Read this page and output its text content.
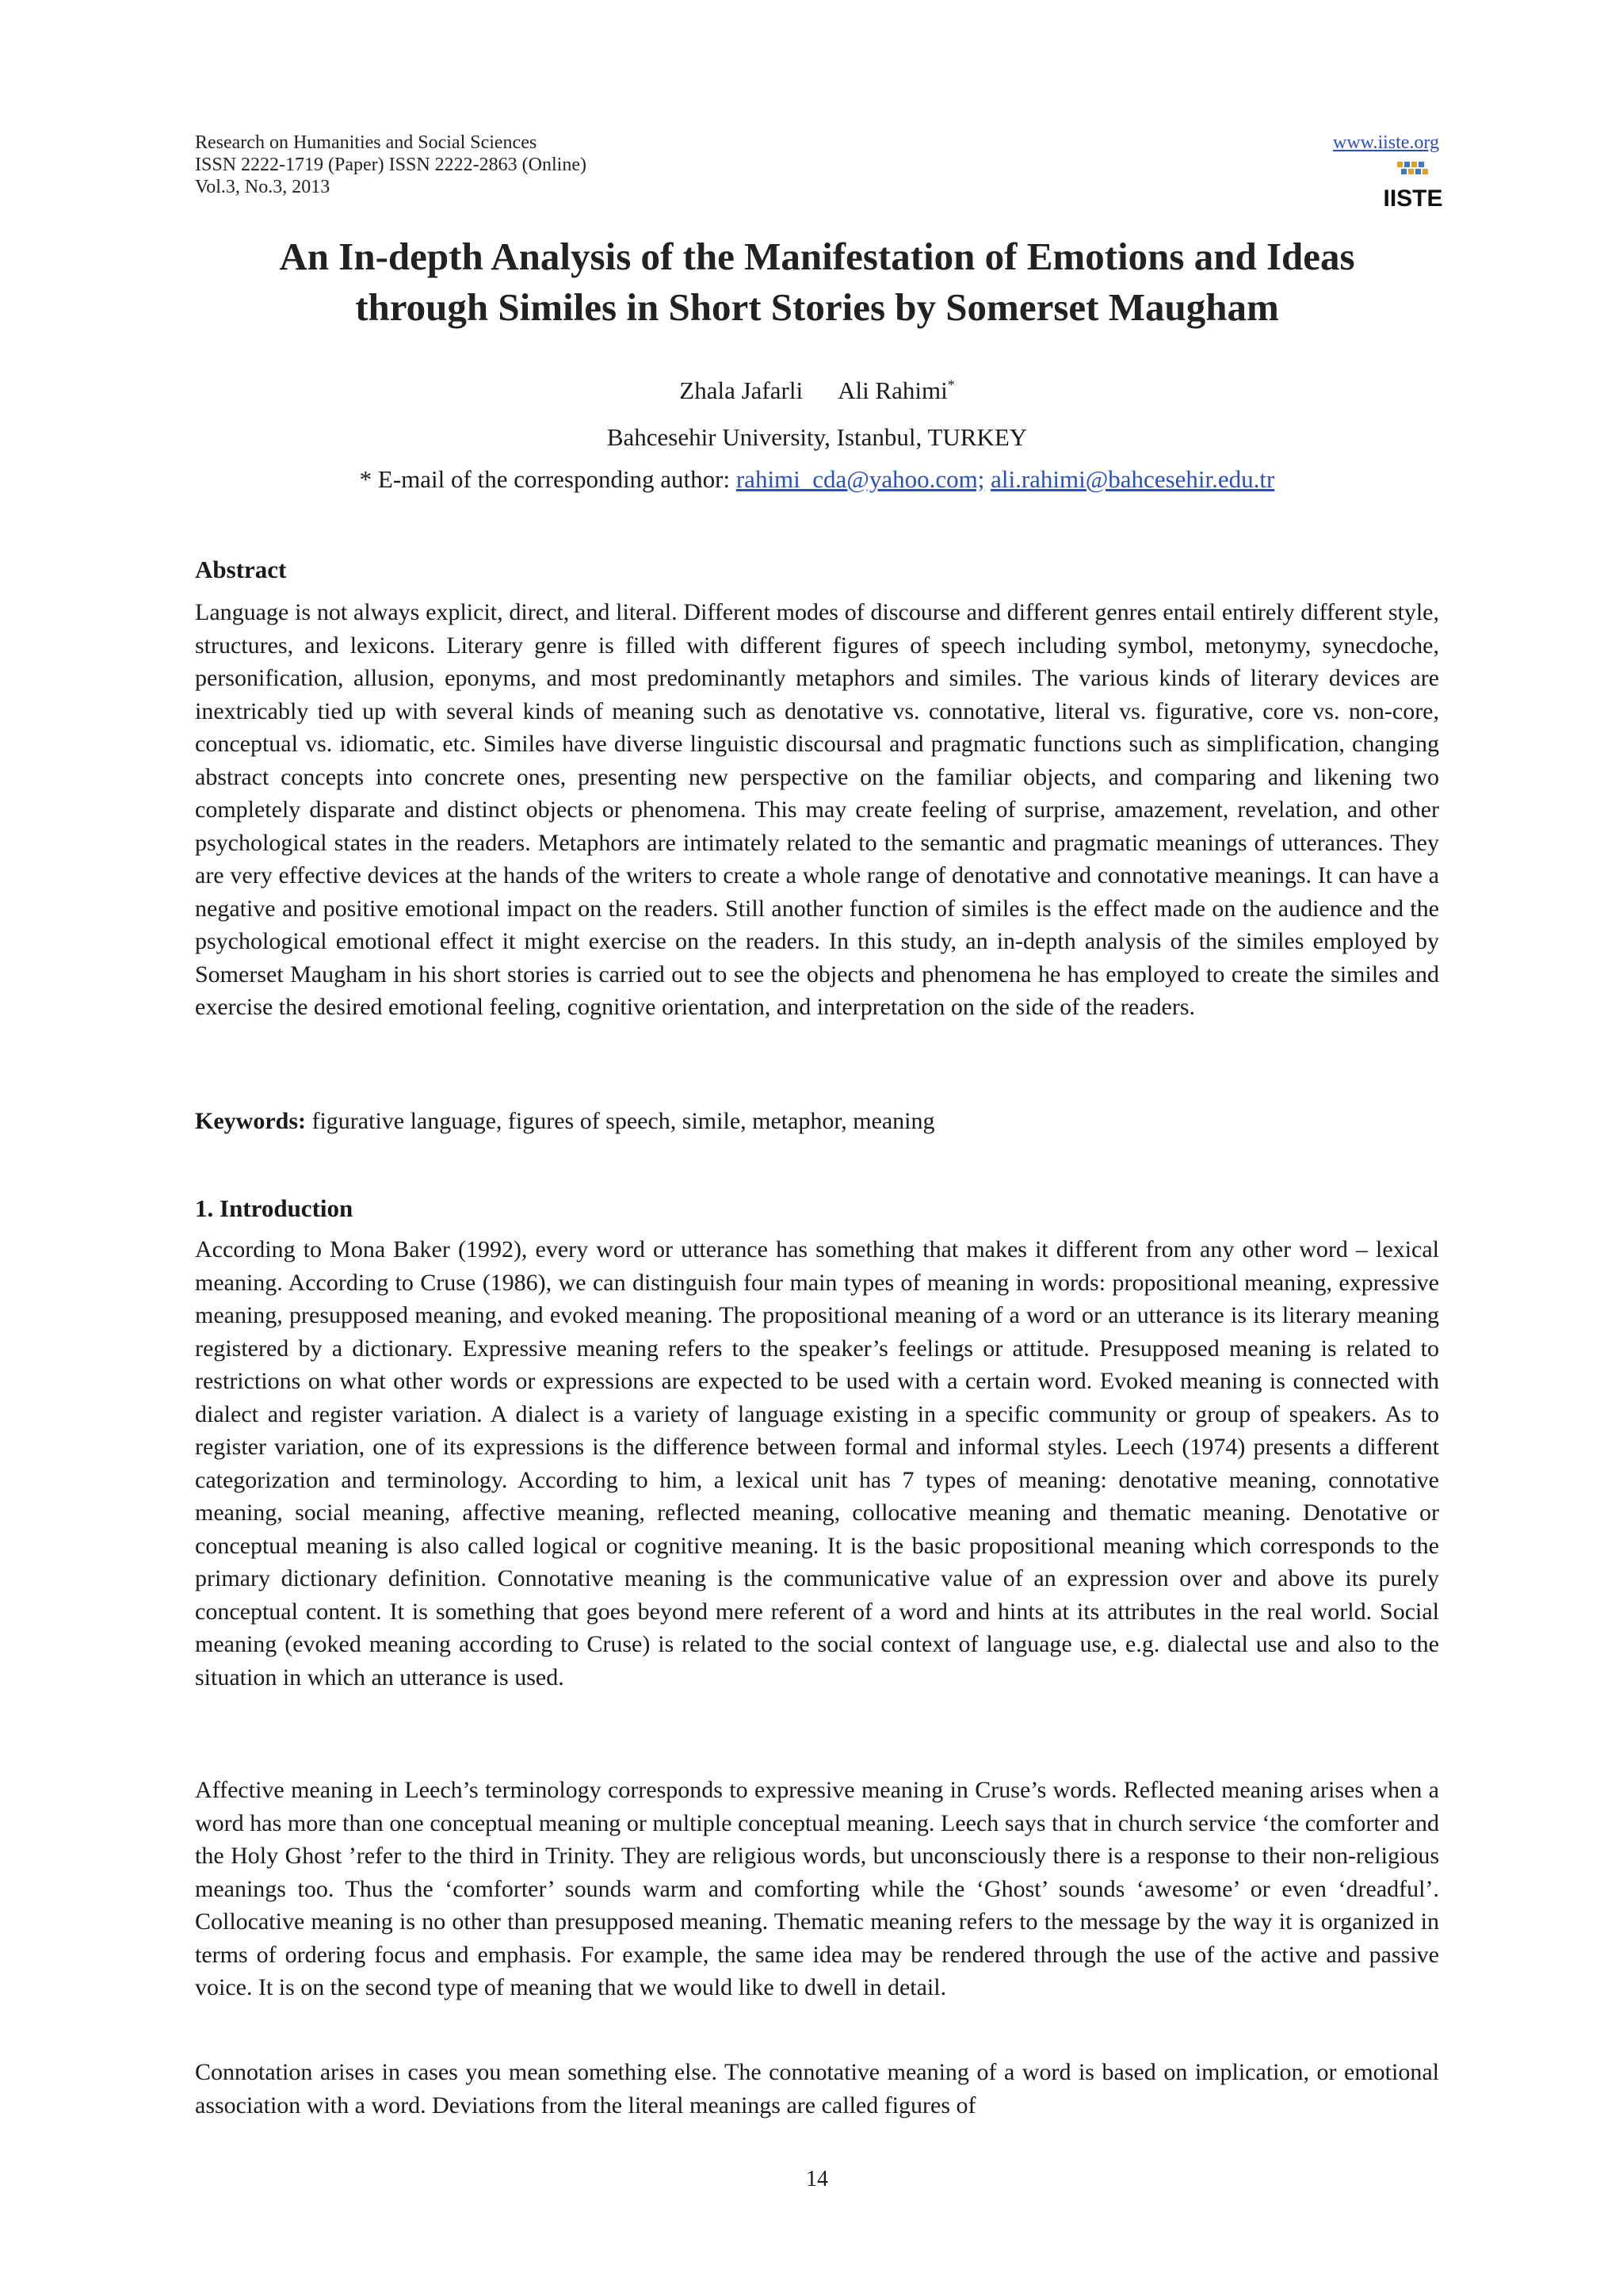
Research on Humanities and Social Sciences
ISSN 2222-1719 (Paper) ISSN 2222-2863 (Online)
Vol.3, No.3, 2013
www.iiste.org
IISTE
An In-depth Analysis of the Manifestation of Emotions and Ideas
through Similes in Short Stories by Somerset Maugham
Zhala Jafarli Ali Rahimi*
Bahcesehir University, Istanbul, TURKEY
* E-mail of the corresponding author: rahimi_cda@yahoo.com; ali.rahimi@bahcesehir.edu.tr
Abstract
Language is not always explicit, direct, and literal. Different modes of discourse and different genres entail entirely different style, structures, and lexicons. Literary genre is filled with different figures of speech including symbol, metonymy, synecdoche, personification, allusion, eponyms, and most predominantly metaphors and similes. The various kinds of literary devices are inextricably tied up with several kinds of meaning such as denotative vs. connotative, literal vs. figurative, core vs. non-core, conceptual vs. idiomatic, etc. Similes have diverse linguistic discoursal and pragmatic functions such as simplification, changing abstract concepts into concrete ones, presenting new perspective on the familiar objects, and comparing and likening two completely disparate and distinct objects or phenomena. This may create feeling of surprise, amazement, revelation, and other psychological states in the readers. Metaphors are intimately related to the semantic and pragmatic meanings of utterances. They are very effective devices at the hands of the writers to create a whole range of denotative and connotative meanings. It can have a negative and positive emotional impact on the readers. Still another function of similes is the effect made on the audience and the psychological emotional effect it might exercise on the readers. In this study, an in-depth analysis of the similes employed by Somerset Maugham in his short stories is carried out to see the objects and phenomena he has employed to create the similes and exercise the desired emotional feeling, cognitive orientation, and interpretation on the side of the readers.
Keywords: figurative language, figures of speech, simile, metaphor, meaning
1. Introduction
According to Mona Baker (1992), every word or utterance has something that makes it different from any other word – lexical meaning. According to Cruse (1986), we can distinguish four main types of meaning in words: propositional meaning, expressive meaning, presupposed meaning, and evoked meaning. The propositional meaning of a word or an utterance is its literary meaning registered by a dictionary. Expressive meaning refers to the speaker’s feelings or attitude. Presupposed meaning is related to restrictions on what other words or expressions are expected to be used with a certain word. Evoked meaning is connected with dialect and register variation. A dialect is a variety of language existing in a specific community or group of speakers. As to register variation, one of its expressions is the difference between formal and informal styles. Leech (1974) presents a different categorization and terminology. According to him, a lexical unit has 7 types of meaning: denotative meaning, connotative meaning, social meaning, affective meaning, reflected meaning, collocative meaning and thematic meaning. Denotative or conceptual meaning is also called logical or cognitive meaning. It is the basic propositional meaning which corresponds to the primary dictionary definition. Connotative meaning is the communicative value of an expression over and above its purely conceptual content. It is something that goes beyond mere referent of a word and hints at its attributes in the real world. Social meaning (evoked meaning according to Cruse) is related to the social context of language use, e.g. dialectal use and also to the situation in which an utterance is used.
Affective meaning in Leech’s terminology corresponds to expressive meaning in Cruse’s words. Reflected meaning arises when a word has more than one conceptual meaning or multiple conceptual meaning. Leech says that in church service ‘the comforter and the Holy Ghost ’refer to the third in Trinity. They are religious words, but unconsciously there is a response to their non-religious meanings too. Thus the ‘comforter’ sounds warm and comforting while the ‘Ghost’ sounds ‘awesome’ or even ‘dreadful’. Collocative meaning is no other than presupposed meaning. Thematic meaning refers to the message by the way it is organized in terms of ordering focus and emphasis. For example, the same idea may be rendered through the use of the active and passive voice. It is on the second type of meaning that we would like to dwell in detail.
Connotation arises in cases you mean something else. The connotative meaning of a word is based on implication, or emotional association with a word. Deviations from the literal meanings are called figures of
14
